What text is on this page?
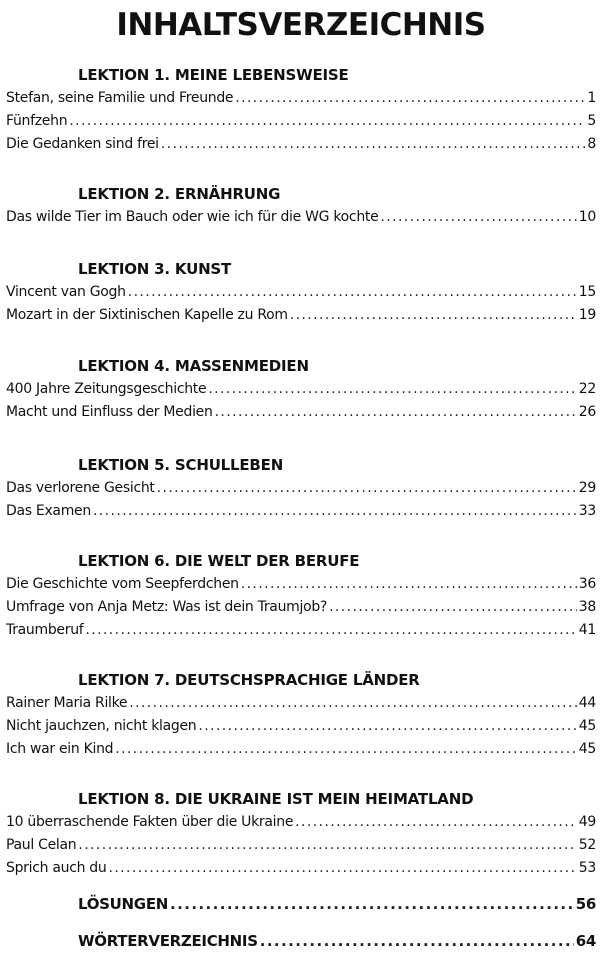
INHALTSVERZEICHNIS
LEKTION 1. MEINE LEBENSWEISE
Stefan, seine Familie und Freunde .....	1
Fünfzehn .....	5
Die Gedanken sind frei .....	8
LEKTION 2. ERNÄHRUNG
Das wilde Tier im Bauch oder wie ich für die WG kochte .....	10
LEKTION 3. KUNST
Vincent van Gogh .....	15
Mozart in der Sixtinischen Kapelle zu Rom .....	19
LEKTION 4. MASSENMEDIEN
400 Jahre Zeitungsgeschichte .....	22
Macht und Einfluss der Medien .....	26
LEKTION 5. SCHULLEBEN
Das verlorene Gesicht .....	29
Das Examen .....	33
LEKTION 6. DIE WELT DER BERUFE
Die Geschichte vom Seepferdchen .....	36
Umfrage von Anja Metz: Was ist dein Traumjob? .....	38
Traumberuf .....	41
LEKTION 7. DEUTSCHSPRACHIGE LÄNDER
Rainer Maria Rilke .....	44
Nicht jauchzen, nicht klagen .....	45
Ich war ein Kind .....	45
LEKTION 8. DIE UKRAINE IST MEIN HEIMATLAND
10 überraschende Fakten über die Ukraine .....	49
Paul Celan .....	52
Sprich auch du .....	53
LÖSUNGEN .....	56
WÖRTERVERZEICHNIS .....	64
